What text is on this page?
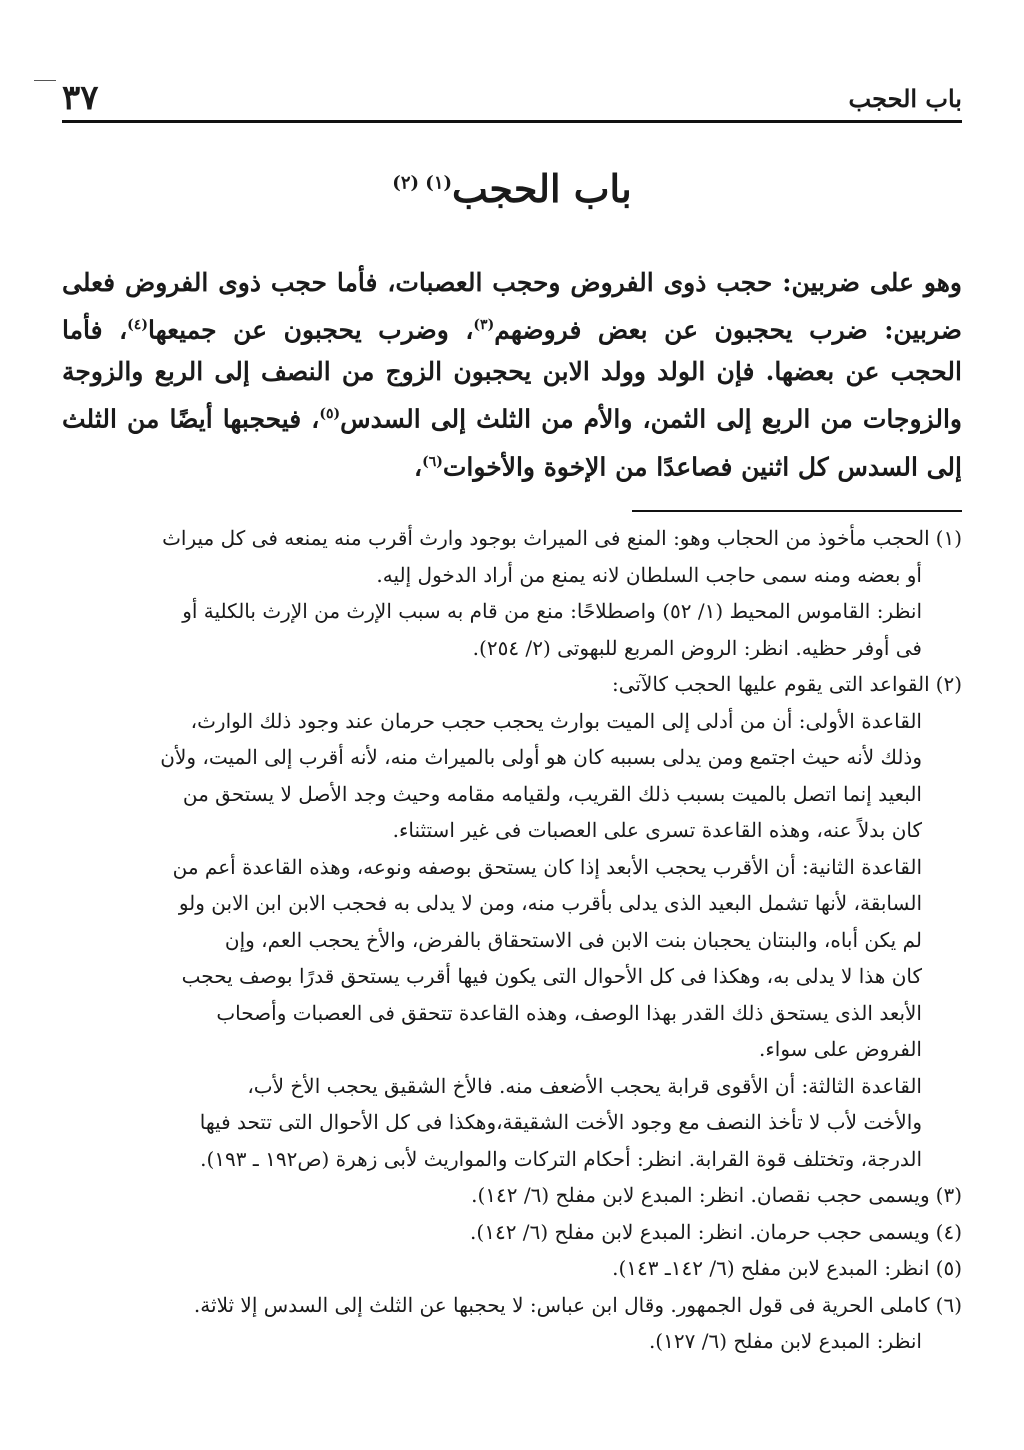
باب الحجب
٣٧
باب الحجب$^{(١) (٢)}$

وهو على ضربين: حجب ذوى الفروض وحجب العصبات، فأما حجب ذوى الفروض فعلى ضربين: ضرب يحجبون عن بعض فروضهم$^{(٣)}$، وضرب يحجبون عن جميعها$^{(٤)}$، فأما الحجب عن بعضها. فإن الولد وولد الابن يحجبون الزوج من النصف إلى الربع والزوجة والزوجات من الربع إلى الثمن، والأم من الثلث إلى السدس$^{(٥)}$، فيحجبها أيضًا من الثلث إلى السدس كل اثنين فصاعدًا من الإخوة والأخوات$^{(٦)}$،

(١)الحجب مأخوذ من الحجاب وهو: المنع فى الميراث بوجود وارث أقرب منه يمنعه فى كل ميراث

أو بعضه ومنه سمى حاجب السلطان لانه يمنع من أراد الدخول إليه.

انظر: القاموس المحيط (١/ ٥٢) واصطلاحًا: منع من قام به سبب الإرث من الإرث بالكلية أو

فى أوفر حظيه. انظر: الروض المربع للبهوتى (٢/ ٢٥٤).

(٢)القواعد التى يقوم عليها الحجب كالآتى:

القاعدة الأولى: أن من أدلى إلى الميت بوارث يحجب حجب حرمان عند وجود ذلك الوارث،

وذلك لأنه حيث اجتمع ومن يدلى بسببه كان هو أولى بالميراث منه، لأنه أقرب إلى الميت، ولأن

البعيد إنما اتصل بالميت بسبب ذلك القريب، ولقيامه مقامه وحيث وجد الأصل لا يستحق من

كان بدلاً عنه، وهذه القاعدة تسرى على العصبات فى غير استثناء.

القاعدة الثانية: أن الأقرب يحجب الأبعد إذا كان يستحق بوصفه ونوعه، وهذه القاعدة أعم من

السابقة، لأنها تشمل البعيد الذى يدلى بأقرب منه، ومن لا يدلى به فحجب الابن ابن الابن ولو

لم يكن أباه، والبنتان يحجبان بنت الابن فى الاستحقاق بالفرض، والأخ يحجب العم، وإن

كان هذا لا يدلى به، وهكذا فى كل الأحوال التى يكون فيها أقرب يستحق قدرًا بوصف يحجب

الأبعد الذى يستحق ذلك القدر بهذا الوصف، وهذه القاعدة تتحقق فى العصبات وأصحاب

الفروض على سواء.

القاعدة الثالثة: أن الأقوى قرابة يحجب الأضعف منه. فالأخ الشقيق يحجب الأخ لأب،

والأخت لأب لا تأخذ النصف مع وجود الأخت الشقيقة،وهكذا فى كل الأحوال التى تتحد فيها

الدرجة، وتختلف قوة القرابة. انظر: أحكام التركات والمواريث لأبى زهرة (ص١٩٢ ـ ١٩٣).

(٣)ويسمى حجب نقصان. انظر: المبدع لابن مفلح (٦/ ١٤٢).

(٤)ويسمى حجب حرمان. انظر: المبدع لابن مفلح (٦/ ١٤٢).

(٥)انظر: المبدع لابن مفلح (٦/ ١٤٢ـ ١٤٣).

(٦)كاملى الحرية فى قول الجمهور. وقال ابن عباس: لا يحجبها عن الثلث إلى السدس إلا ثلاثة.

انظر: المبدع لابن مفلح (٦/ ١٢٧).
